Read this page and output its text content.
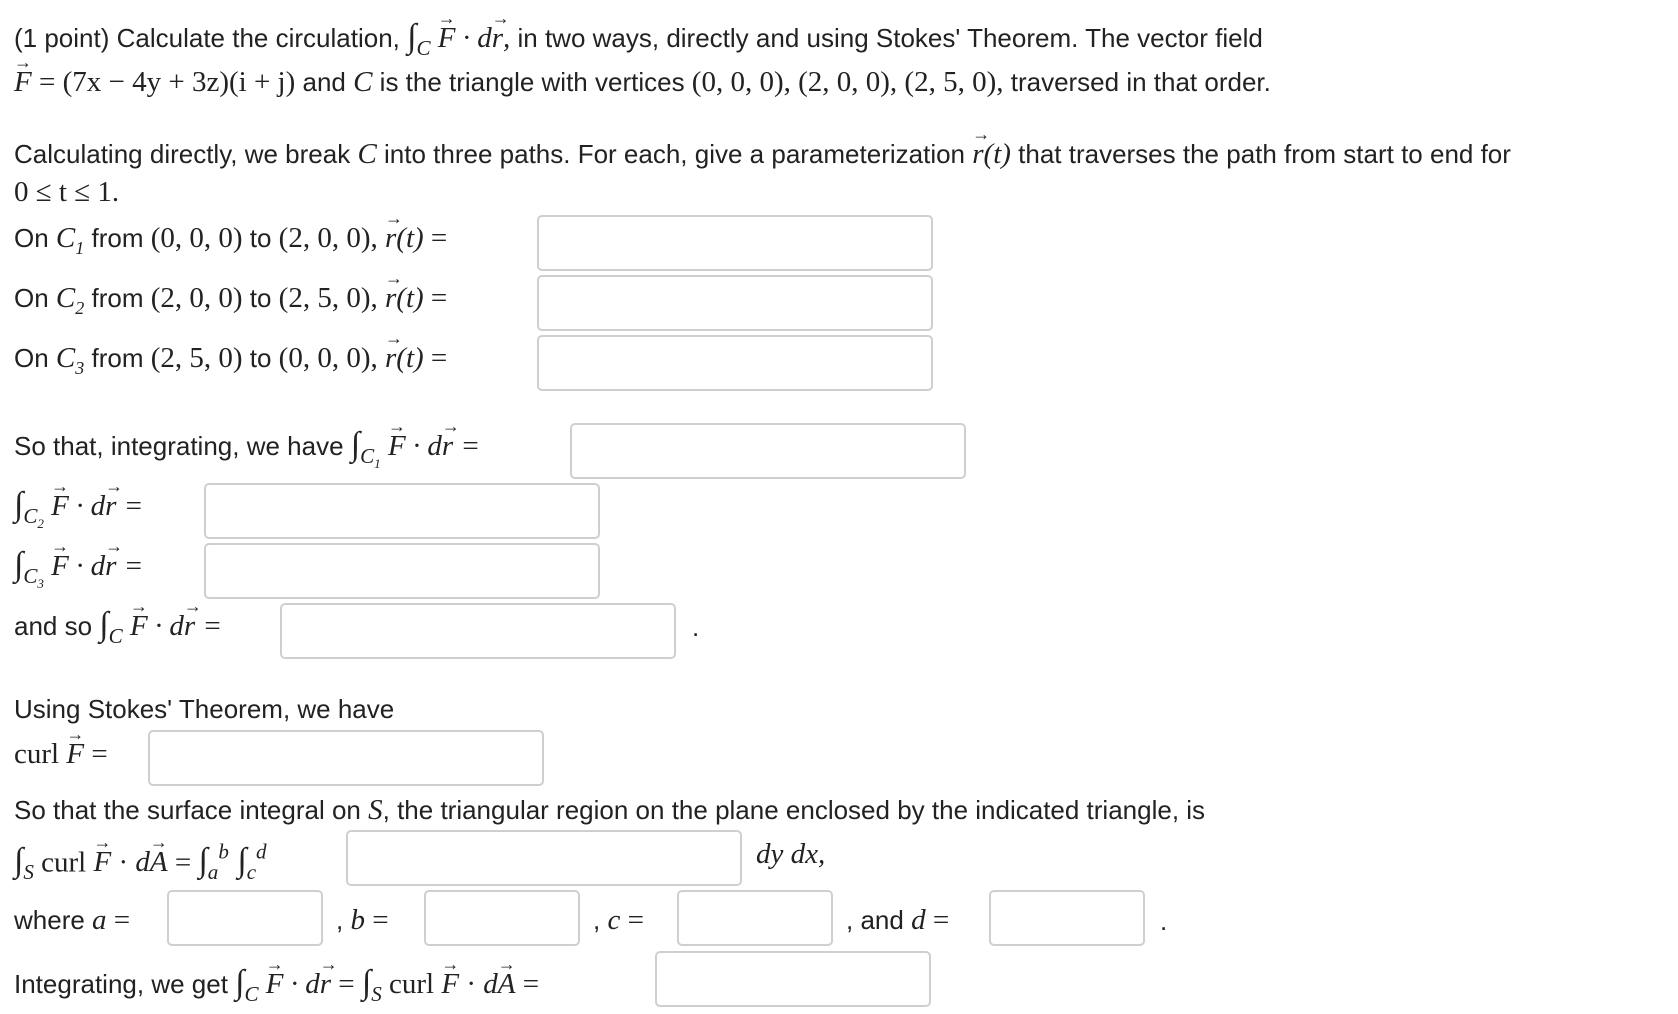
(1 point) Calculate the circulation, $\int_C \to F \cdot d\to r$, in two ways, directly and using Stokes' Theorem. The vector field
→ F = (7x − 4y + 3z)(i + j) and C is the triangle with vertices (0, 0, 0), (2, 0, 0), (2, 5, 0), traversed in that order.
Calculating directly, we break C into three paths. For each, give a parameterization → r(t) that traverses the path from start to end for
0 ≤ t ≤ 1.
On $C_1$ from (0, 0, 0) to (2, 0, 0), → r(t) =
On $C_2$ from (2, 0, 0) to (2, 5, 0), → r(t) =
On $C_3$ from (2, 5, 0) to (0, 0, 0), → r(t) =
So that, integrating, we have $\int_{C_1} \to F \cdot d\to r$ =
$\int_{C_2} \to F \cdot d\to r$ =
$\int_{C_3} \to F \cdot d\to r$ =
and so $\int_C \to F \cdot d\to r$ =	.
Using Stokes' Theorem, we have
curl → F =
So that the surface integral on S, the triangular region on the plane enclosed by the indicated triangle, is
$\int_S$ curl → $F \cdot d\to A = \int_a^b$ $\int_c^d$	dy dx,
where a =	, b =	, c =	, and d =	.
Integrating, we get $\int_C \to F \cdot d\to r = \int_S$ curl → F · d→ A =
